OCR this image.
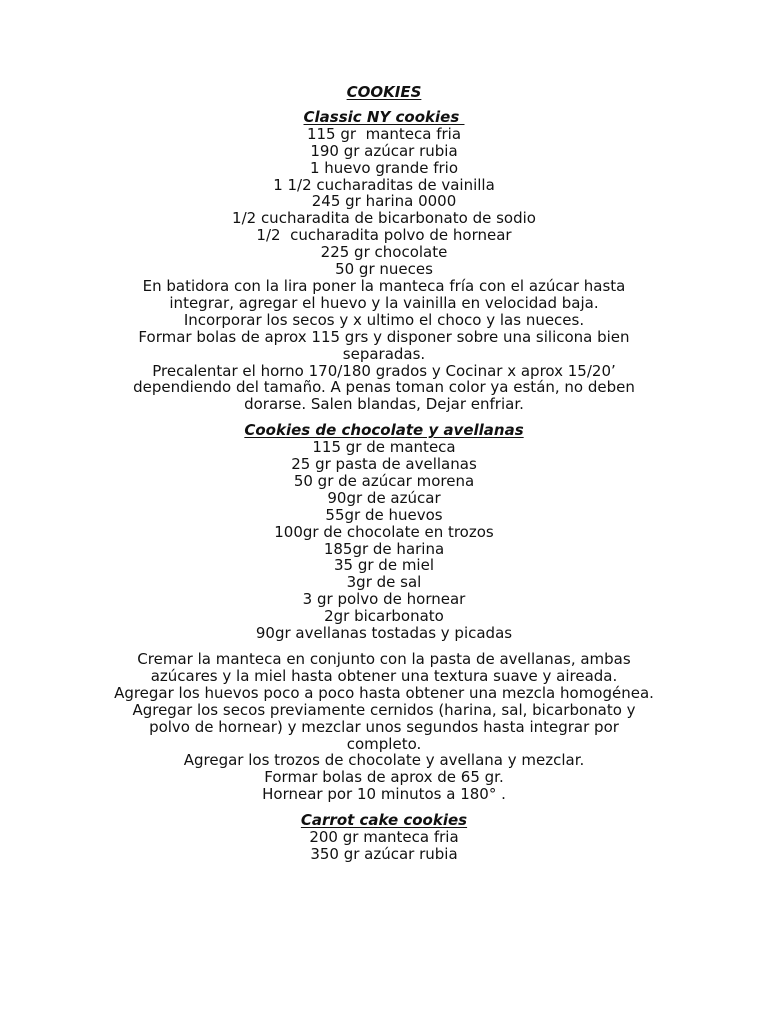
COOKIES
Classic NY cookies
115 gr  manteca fria
190 gr azúcar rubia
1 huevo grande frio
1 1/2 cucharaditas de vainilla
245 gr harina 0000
1/2 cucharadita de bicarbonato de sodio
1/2  cucharadita polvo de hornear
225 gr chocolate
50 gr nueces
En batidora con la lira poner la manteca fría con el azúcar hasta integrar, agregar el huevo y la vainilla en velocidad baja.
Incorporar los secos y x ultimo el choco y las nueces.
Formar bolas de aprox 115 grs y disponer sobre una silicona bien separadas.
Precalentar el horno 170/180 grados y Cocinar x aprox 15/20’ dependiendo del tamaño. A penas toman color ya están, no deben dorarse. Salen blandas, Dejar enfriar.
Cookies de chocolate y avellanas
115 gr de manteca
25 gr pasta de avellanas
50 gr de azúcar morena
90gr de azúcar
55gr de huevos
100gr de chocolate en trozos
185gr de harina
35 gr de miel
3gr de sal
3 gr polvo de hornear
2gr bicarbonato
90gr avellanas tostadas y picadas
Cremar la manteca en conjunto con la pasta de avellanas, ambas azúcares y la miel hasta obtener una textura suave y aireada.
Agregar los huevos poco a poco hasta obtener una mezcla homogénea.
Agregar los secos previamente cernidos (harina, sal, bicarbonato y polvo de hornear) y mezclar unos segundos hasta integrar por completo.
Agregar los trozos de chocolate y avellana y mezclar.
Formar bolas de aprox de 65 gr.
Hornear por 10 minutos a 180° .
Carrot cake cookies
200 gr manteca fria
350 gr azúcar rubia
